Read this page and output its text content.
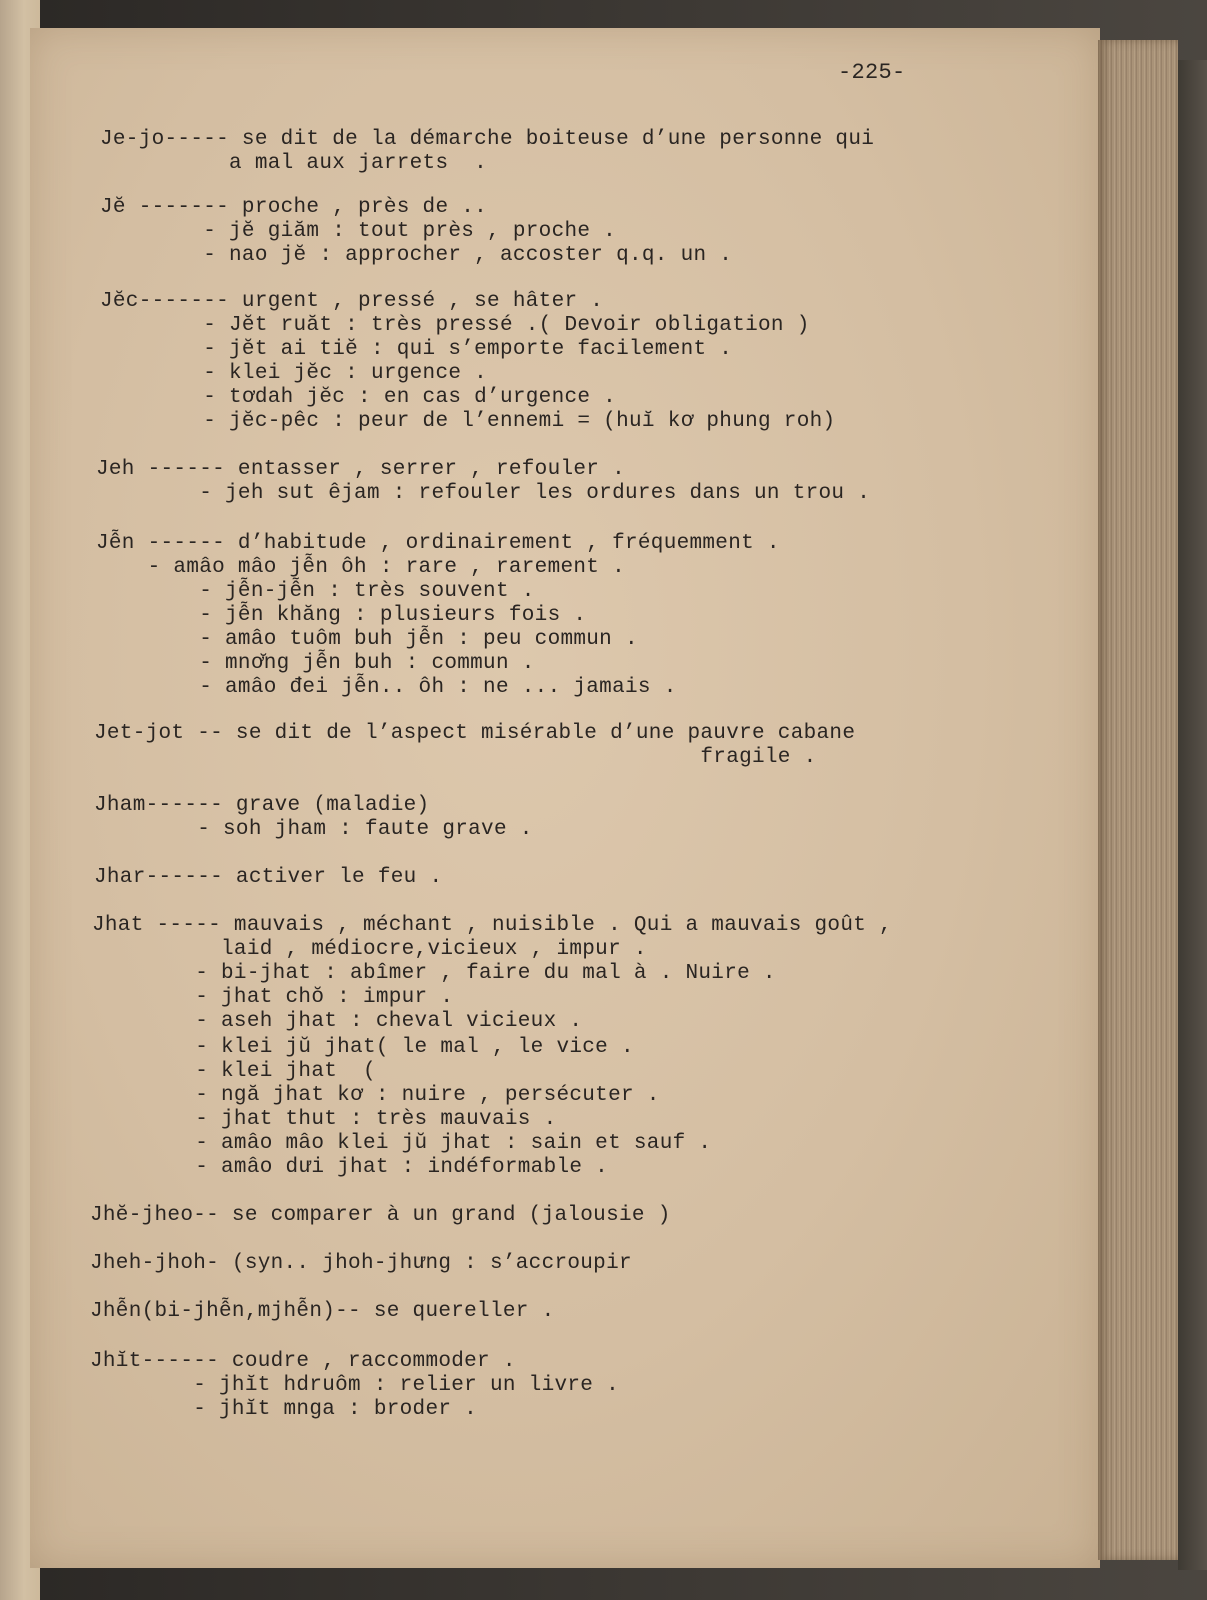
-225-
Je-jo----- se dit de la démarche boiteuse d’une personne qui
a mal aux jarrets  .
Jĕ ------- proche , près de ..
- jĕ giăm : tout près , proche .
- nao jĕ : approcher , accoster q.q. un .
Jĕc------- urgent , pressé , se hâter .
- Jĕt ruăt : très pressé .( Devoir obligation )
- jĕt ai tiĕ : qui s’emporte facilement .
- klei jĕc : urgence .
- tơdah jĕc : en cas d’urgence .
- jĕc-pêc : peur de l’ennemi = (huĭ kơ phung roh)
Jeh ------ entasser , serrer , refouler .
- jeh sut êjam : refouler les ordures dans un trou .
Jễn ------ d’habitude , ordinairement , fréquemment .
- amâo mâo jễn ôh : rare , rarement .
- jễn-jễn : très souvent .
- jễn khăng : plusieurs fois .
- amâo tuôm buh jễn : peu commun .
- mnơ̆ng jễn buh : commun .
- amâo đei jễn.. ôh : ne ... jamais .
Jet-jot -- se dit de l’aspect misérable d’une pauvre cabane
fragile .
Jham------ grave (maladie)
- soh jham : faute grave .
Jhar------ activer le feu .
Jhat ----- mauvais , méchant , nuisible . Qui a mauvais goût ,
laid , médiocre,vicieux , impur .
- bi-jhat : abîmer , faire du mal à . Nuire .
- jhat chŏ : impur .
- aseh jhat : cheval vicieux .
- klei jŭ jhat( le mal , le vice .
- klei jhat  (
- ngă jhat kơ : nuire , persécuter .
- jhat thut : très mauvais .
- amâo mâo klei jŭ jhat : sain et sauf .
- amâo dưi jhat : indéformable .
Jhĕ-jheo-- se comparer à un grand (jalousie )
Jheh-jhoh- (syn.. jhoh-jhưng : s’accroupir
Jhễn(bi-jhễn,mjhễn)-- se quereller .
Jhĭt------ coudre , raccommoder .
- jhĭt hdruôm : relier un livre .
- jhĭt mnga : broder .
